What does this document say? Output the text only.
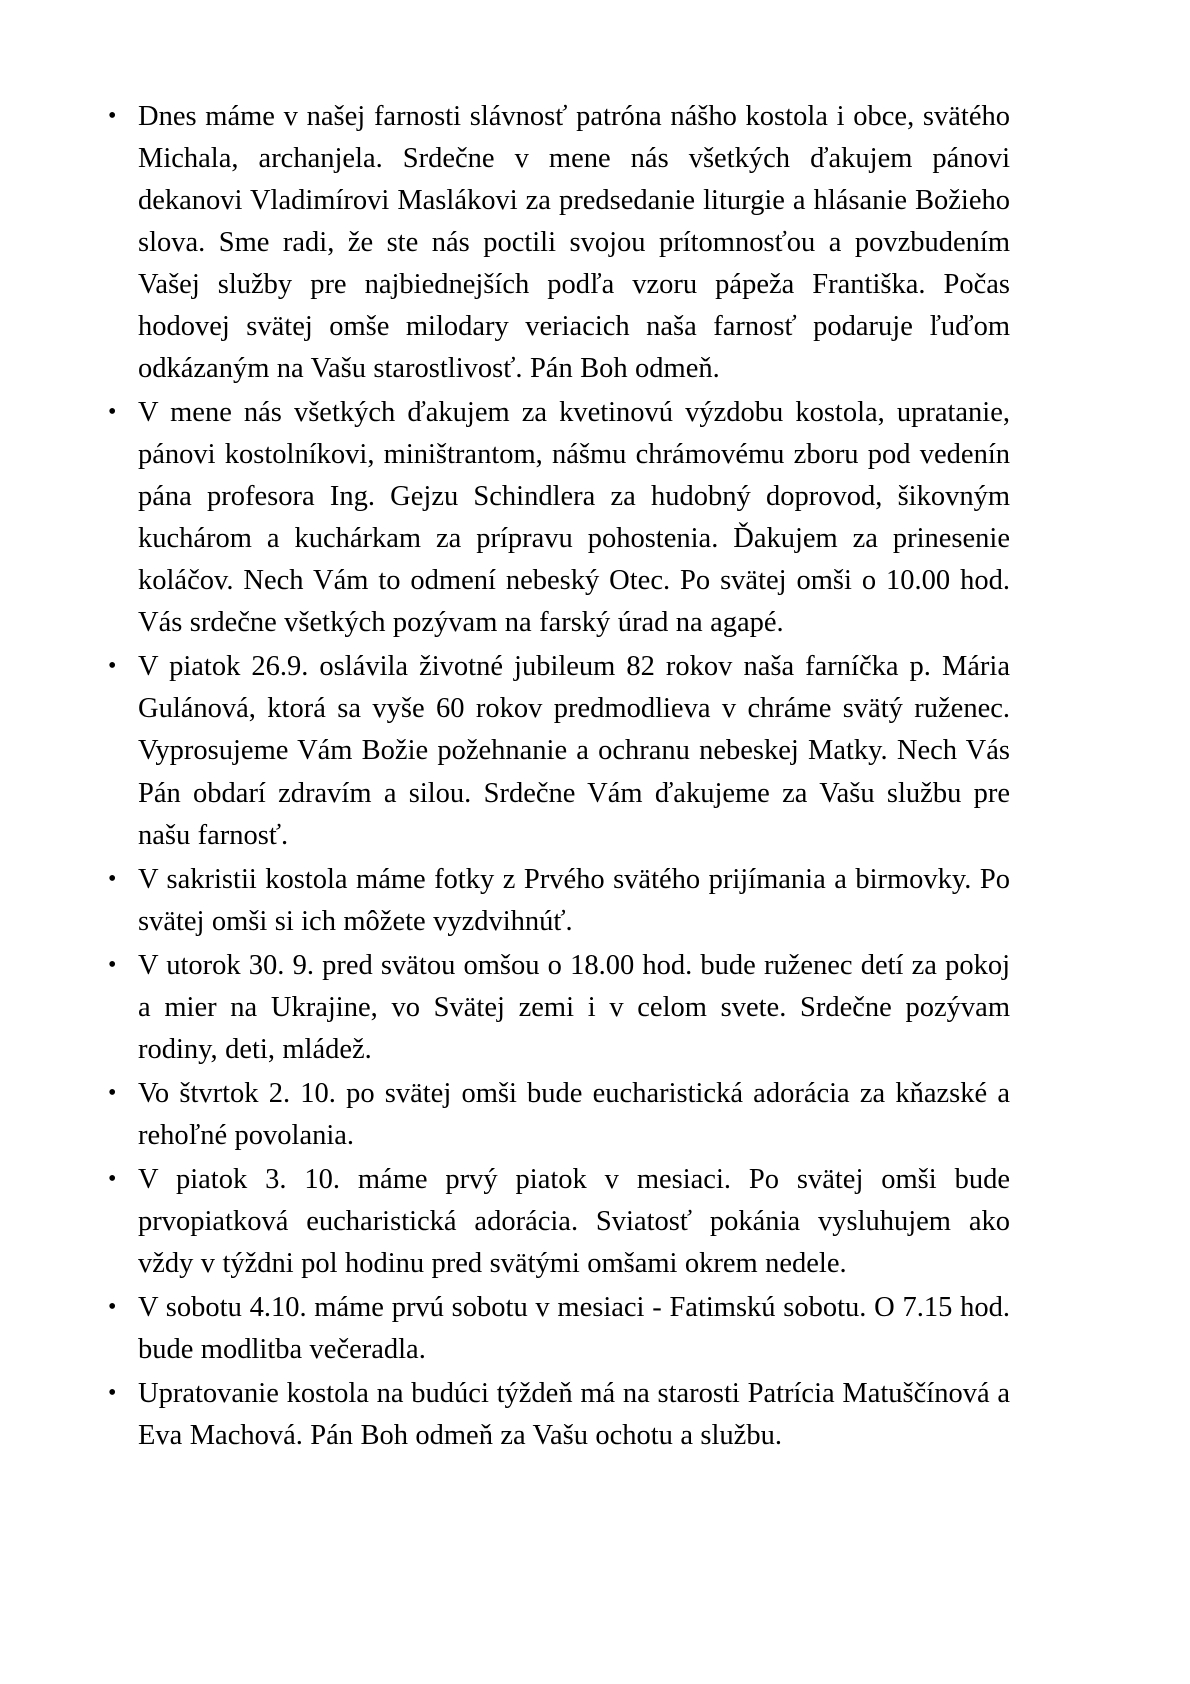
• Dnes máme v našej farnosti slávnosť patróna nášho kostola i obce, svätého Michala, archanjela. Srdečne v mene nás všetkých ďakujem pánovi dekanovi Vladimírovi Maslákovi za predsedanie liturgie a hlásanie Božieho slova. Sme radi, že ste nás poctili svojou prítomnosťou a povzbudením Vašej služby pre najbiednejších podľa vzoru pápeža Františka. Počas hodovej svätej omše milodary veriacich naša farnosť podaruje ľuďom odkázaným na Vašu starostlivosť. Pán Boh odmeň.
• V mene nás všetkých ďakujem za kvetinovú výzdobu kostola, upratanie, pánovi kostolníkovi, miništrantom, nášmu chrámovému zboru pod vedenín pána profesora Ing. Gejzu Schindlera za hudobný doprovod, šikovným kuchárom a kuchárkam za prípravu pohostenia. Ďakujem za prinesenie koláčov. Nech Vám to odmení nebeský Otec. Po svätej omši o 10.00 hod. Vás srdečne všetkých pozývam na farský úrad na agapé.
• V piatok 26.9. oslávila životné jubileum 82 rokov naša farníčka p. Mária Gulánová, ktorá sa vyše 60 rokov predmodlieva v chráme svätý ruženec. Vyprosujeme Vám Božie požehnanie a ochranu nebeskej Matky. Nech Vás Pán obdarí zdravím a silou. Srdečne Vám ďakujeme za Vašu službu pre našu farnosť.
• V sakristii kostola máme fotky z Prvého svätého prijímania a birmovky. Po svätej omši si ich môžete vyzdvihnúť.
• V utorok 30. 9. pred svätou omšou o 18.00 hod. bude ruženec detí za pokoj a mier na Ukrajine, vo Svätej zemi i v celom svete. Srdečne pozývam rodiny, deti, mládež.
• Vo štvrtok 2. 10. po svätej omši bude eucharistická adorácia za kňazské a rehoľné povolania.
• V piatok 3. 10. máme prvý piatok v mesiaci. Po svätej omši bude prvopiatková eucharistická adorácia. Sviatosť pokánia vysluhujem ako vždy v týždni pol hodinu pred svätými omšami okrem nedele.
• V sobotu 4.10. máme prvú sobotu v mesiaci - Fatimskú sobotu. O 7.15 hod. bude modlitba večeradla.
• Upratovanie kostola na budúci týždeň má na starosti Patrícia Matuščínová a Eva Machová. Pán Boh odmeň za Vašu ochotu a službu.
